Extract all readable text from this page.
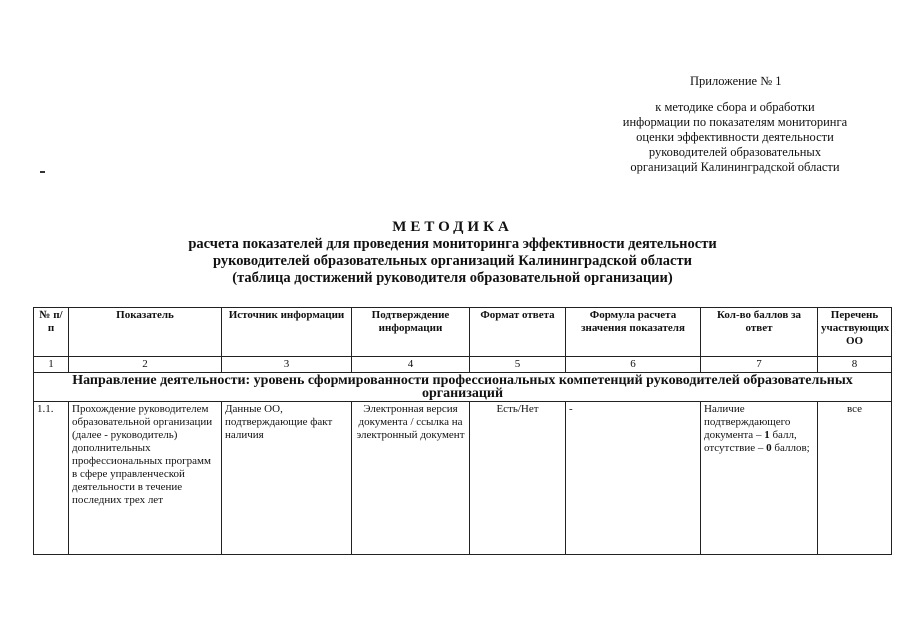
Приложение № 1
к методике сбора и обработки
информации по показателям мониторинга
оценки эффективности деятельности
руководителей образовательных
организаций Калининградской области
МЕТОДИКА
расчета показателей для проведения мониторинга эффективности деятельности
руководителей образовательных организаций Калининградской области
(таблица достижений руководителя образовательной организации)
№ п/п	Показатель	Источник информации	Подтверждение информации	Формат ответа	Формула расчета значения показателя	Кол-во баллов за ответ	Перечень участвующих ОО
1	2	3	4	5	6	7	8
Направление деятельности: уровень сформированности профессиональных компетенций руководителей образовательных организаций							
1.1.	Прохождение руководителем образовательной организации (далее - руководитель) дополнительных профессиональных программ в сфере управленческой деятельности в течение последних трех лет	Данные ОО, подтверждающие факт наличия	Электронная версия документа / ссылка на электронный документ	Есть/Нет	-	Наличие подтверждающего документа – 1 балл, отсутствие – 0 баллов;	все
